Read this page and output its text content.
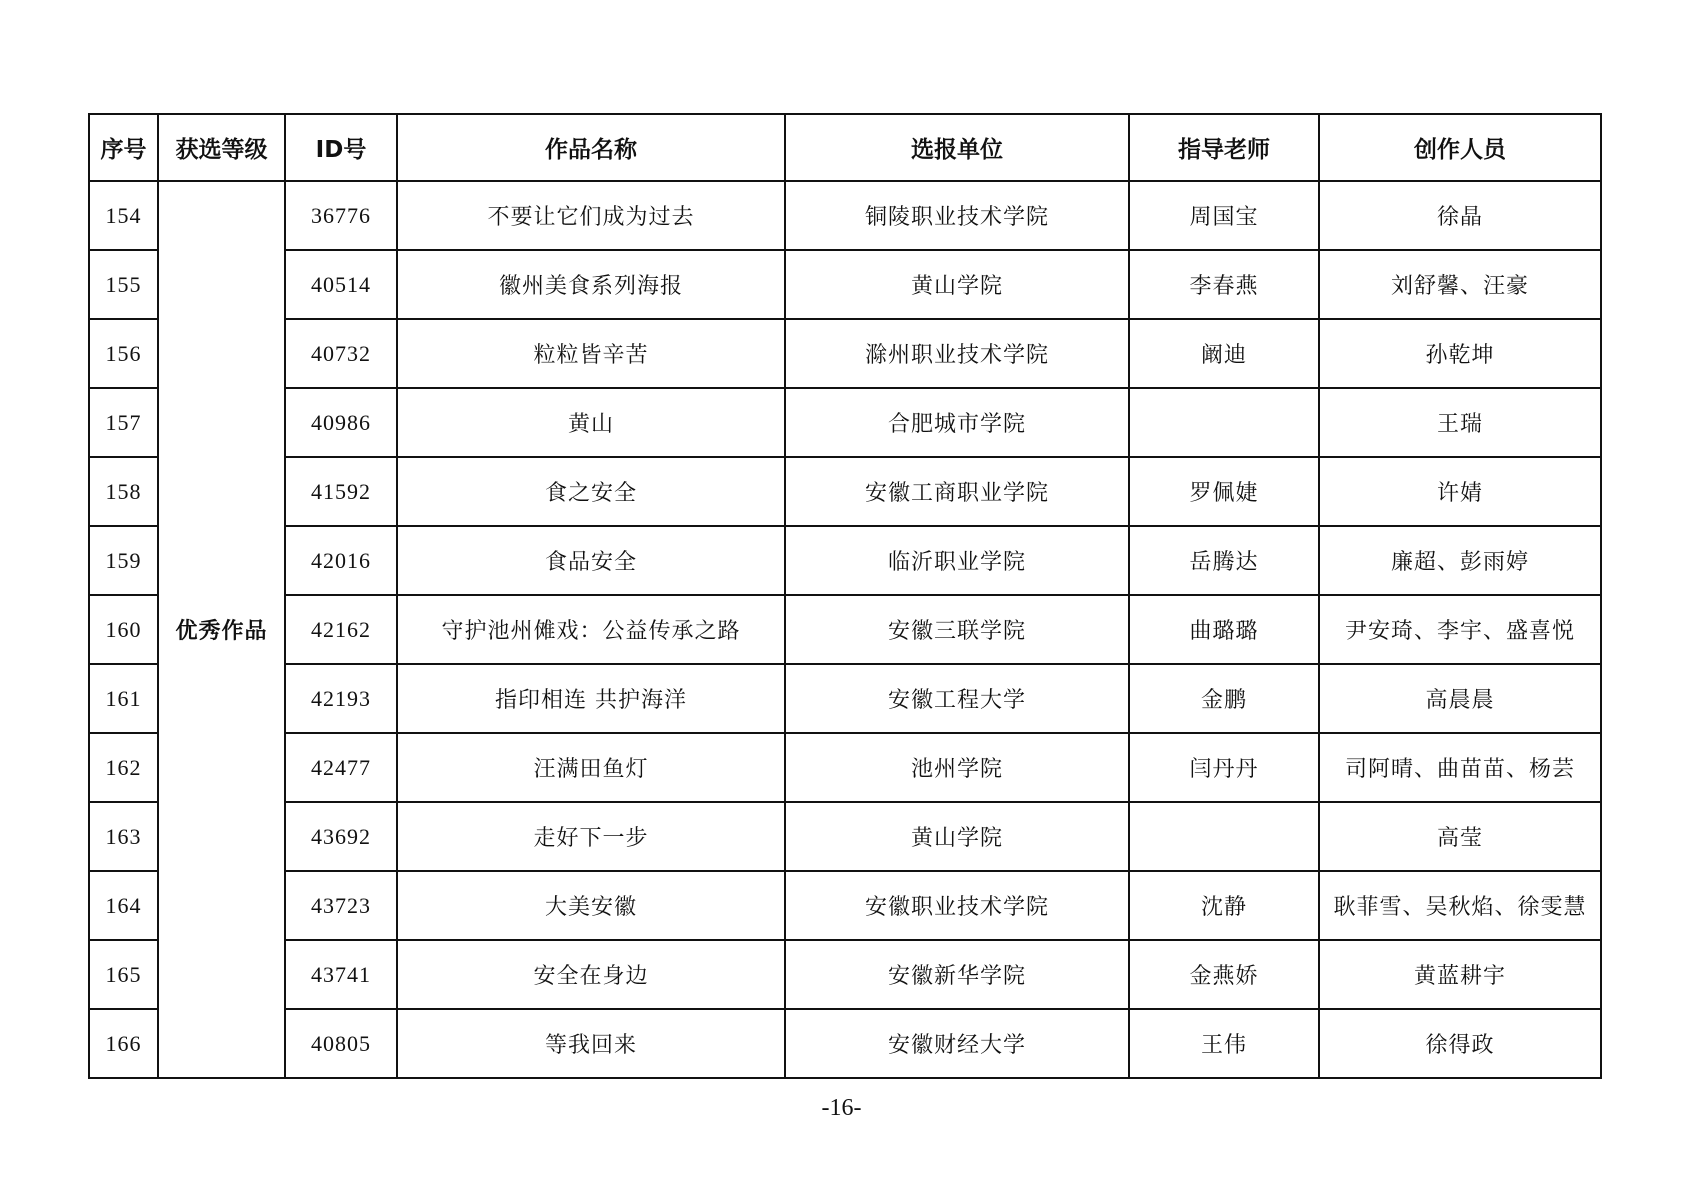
序号	获选等级	ID号	作品名称	选报单位	指导老师	创作人员
154	优秀作品	36776	不要让它们成为过去	铜陵职业技术学院	周国宝	徐晶
155		40514	徽州美食系列海报	黄山学院	李春燕	刘舒馨、汪豪
156		40732	粒粒皆辛苦	滁州职业技术学院	阚迪	孙乾坤
157		40986	黄山	合肥城市学院		王瑞
158		41592	食之安全	安徽工商职业学院	罗佩婕	许婧
159		42016	食品安全	临沂职业学院	岳腾达	廉超、彭雨婷
160		42162	守护池州傩戏：公益传承之路	安徽三联学院	曲璐璐	尹安琦、李宇、盛喜悦
161		42193	指印相连 共护海洋	安徽工程大学	金鹏	高晨晨
162		42477	汪满田鱼灯	池州学院	闫丹丹	司阿晴、曲苗苗、杨芸
163		43692	走好下一步	黄山学院		高莹
164		43723	大美安徽	安徽职业技术学院	沈静	耿菲雪、吴秋焰、徐雯慧
165		43741	安全在身边	安徽新华学院	金燕娇	黄蓝耕宇
166		40805	等我回来	安徽财经大学	王伟	徐得政
-16-
